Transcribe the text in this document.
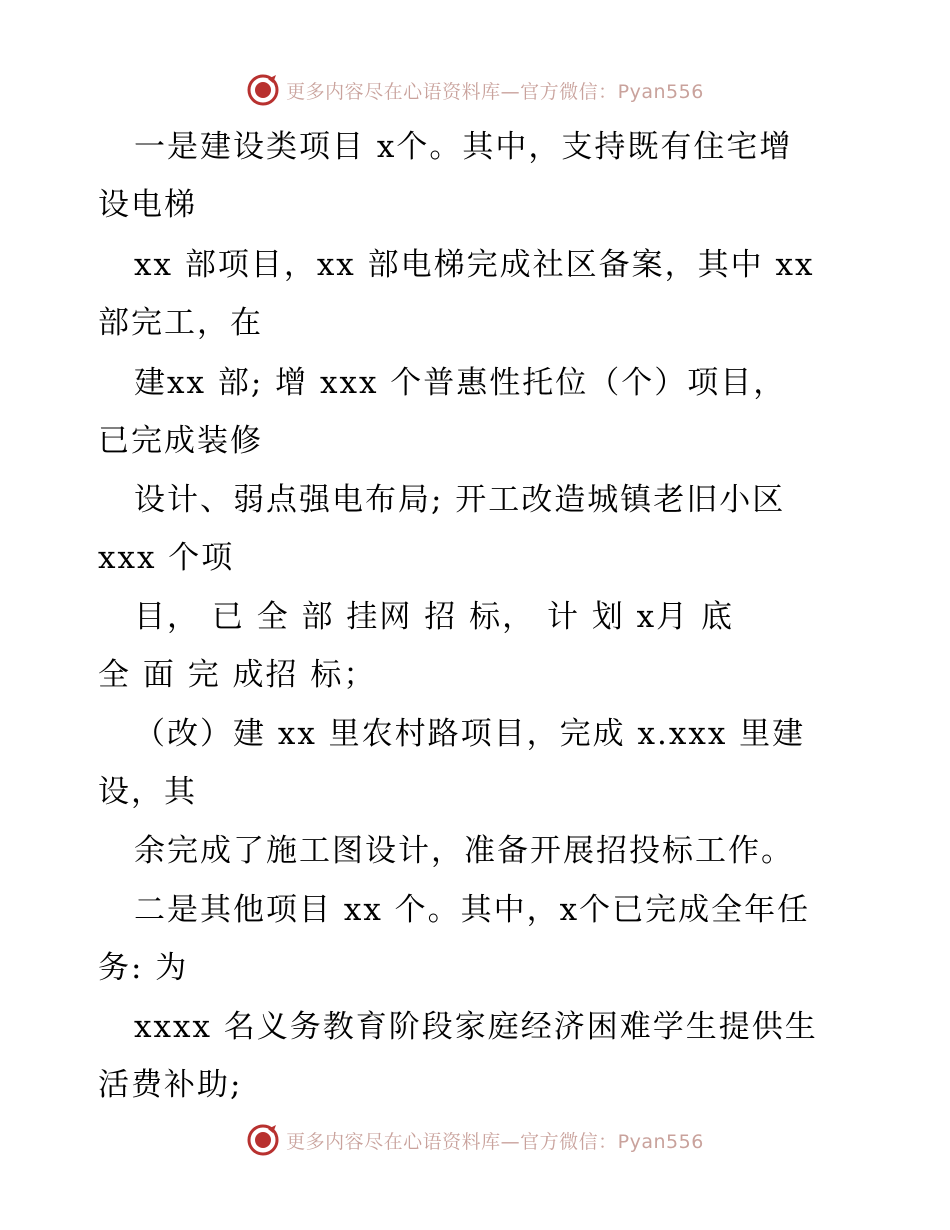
更多内容尽在心语资料库—官方微信：Pyan556
一是建设类项目 x个。其中，支持既有住宅增
设电梯
xx 部项目，xx 部电梯完成社区备案，其中 xx
部完工，在
建xx 部; 增 xxx 个普惠性托位（个）项目，
已完成装修
设计、弱点强电布局; 开工改造城镇老旧小区
xxx 个项
目， 已 全 部 挂网 招 标， 计 划 x月 底
全 面 完 成招 标；
（改）建 xx 里农村路项目，完成 x.xxx 里建
设，其
余完成了施工图设计，准备开展招投标工作。
二是其他项目 xx 个。其中，x个已完成全年任
务: 为
xxxx 名义务教育阶段家庭经济困难学生提供生
活费补助;
更多内容尽在心语资料库—官方微信：Pyan556
